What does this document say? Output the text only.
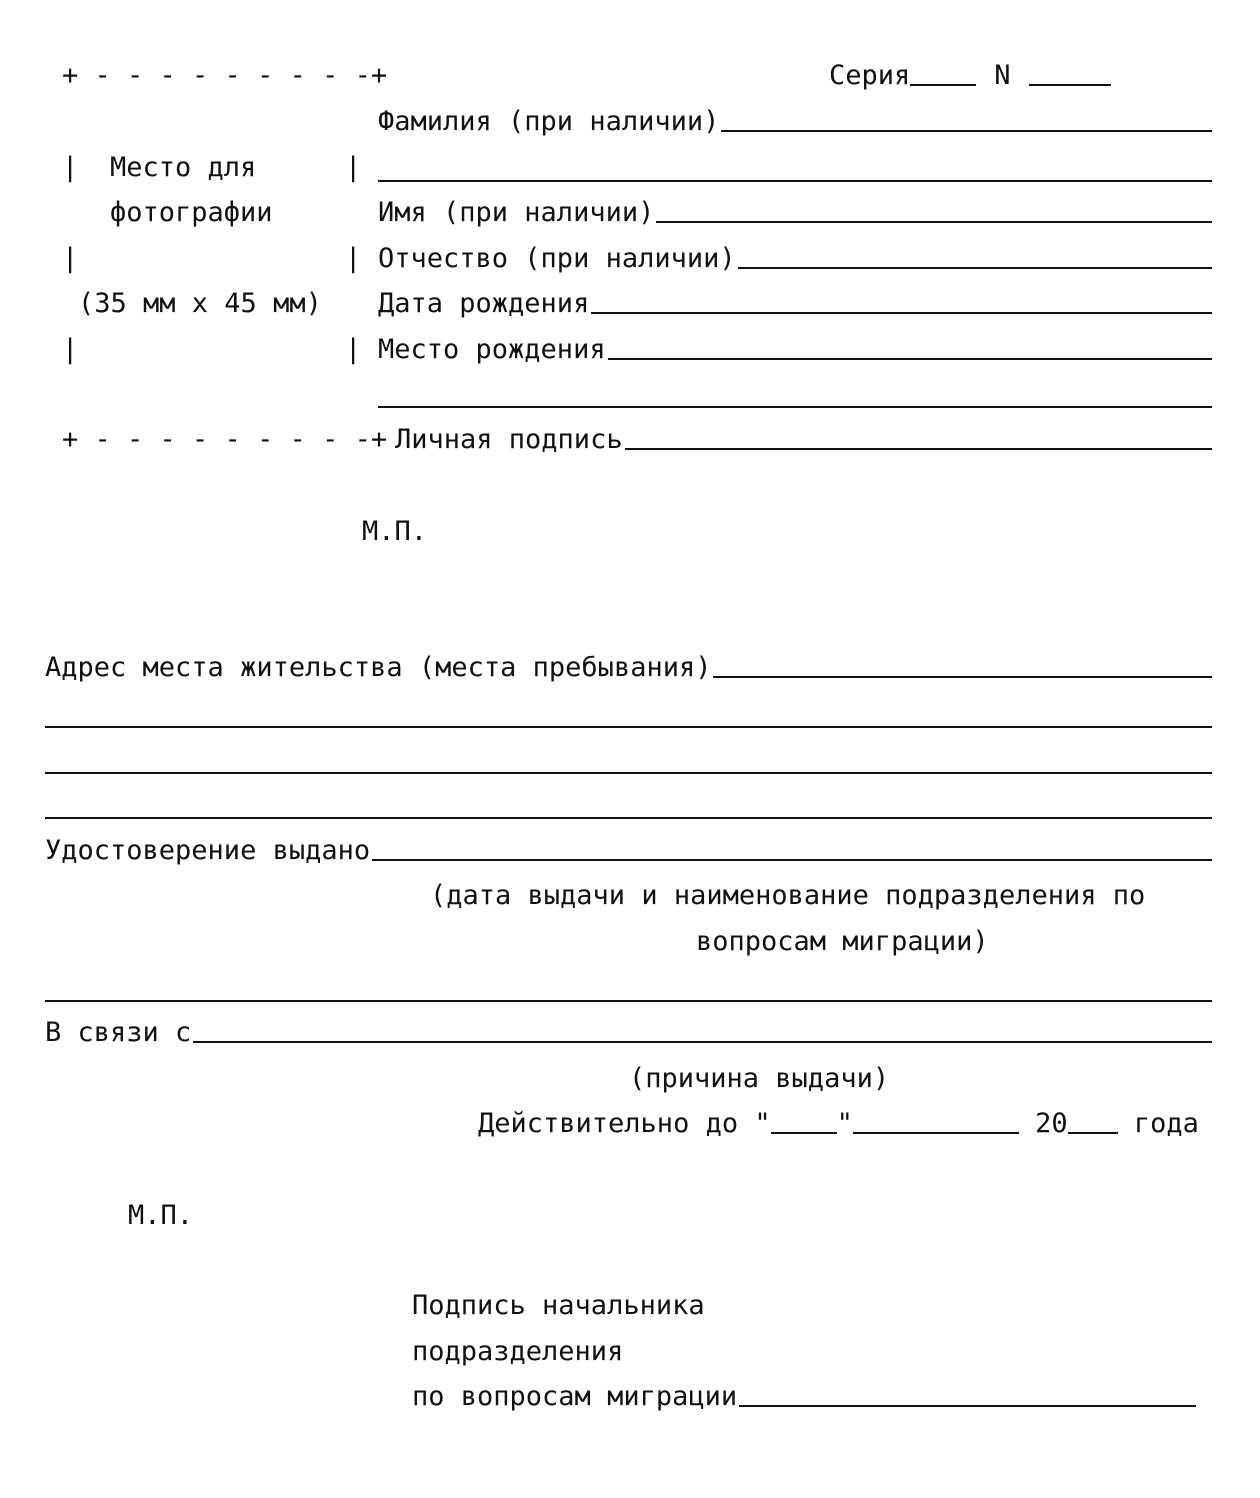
+ - - - - - - - - -+
| Место для	|
фотографии
|	|
(35 мм х 45 мм)
|	|
+ - - - - - - - - -+
Серия	N
Фамилия (при наличии)
Имя (при наличии)
Отчество (при наличии)
Дата рождения
Место рождения
Личная подпись
М.П.
Адрес места жительства (места пребывания)
Удостоверение выдано
(дата выдачи и наименование подразделения по
вопросам миграции)
В связи с
(причина выдачи)
Действительно до " "	20 года
М.П.
Подпись начальника
подразделения
по вопросам миграции
